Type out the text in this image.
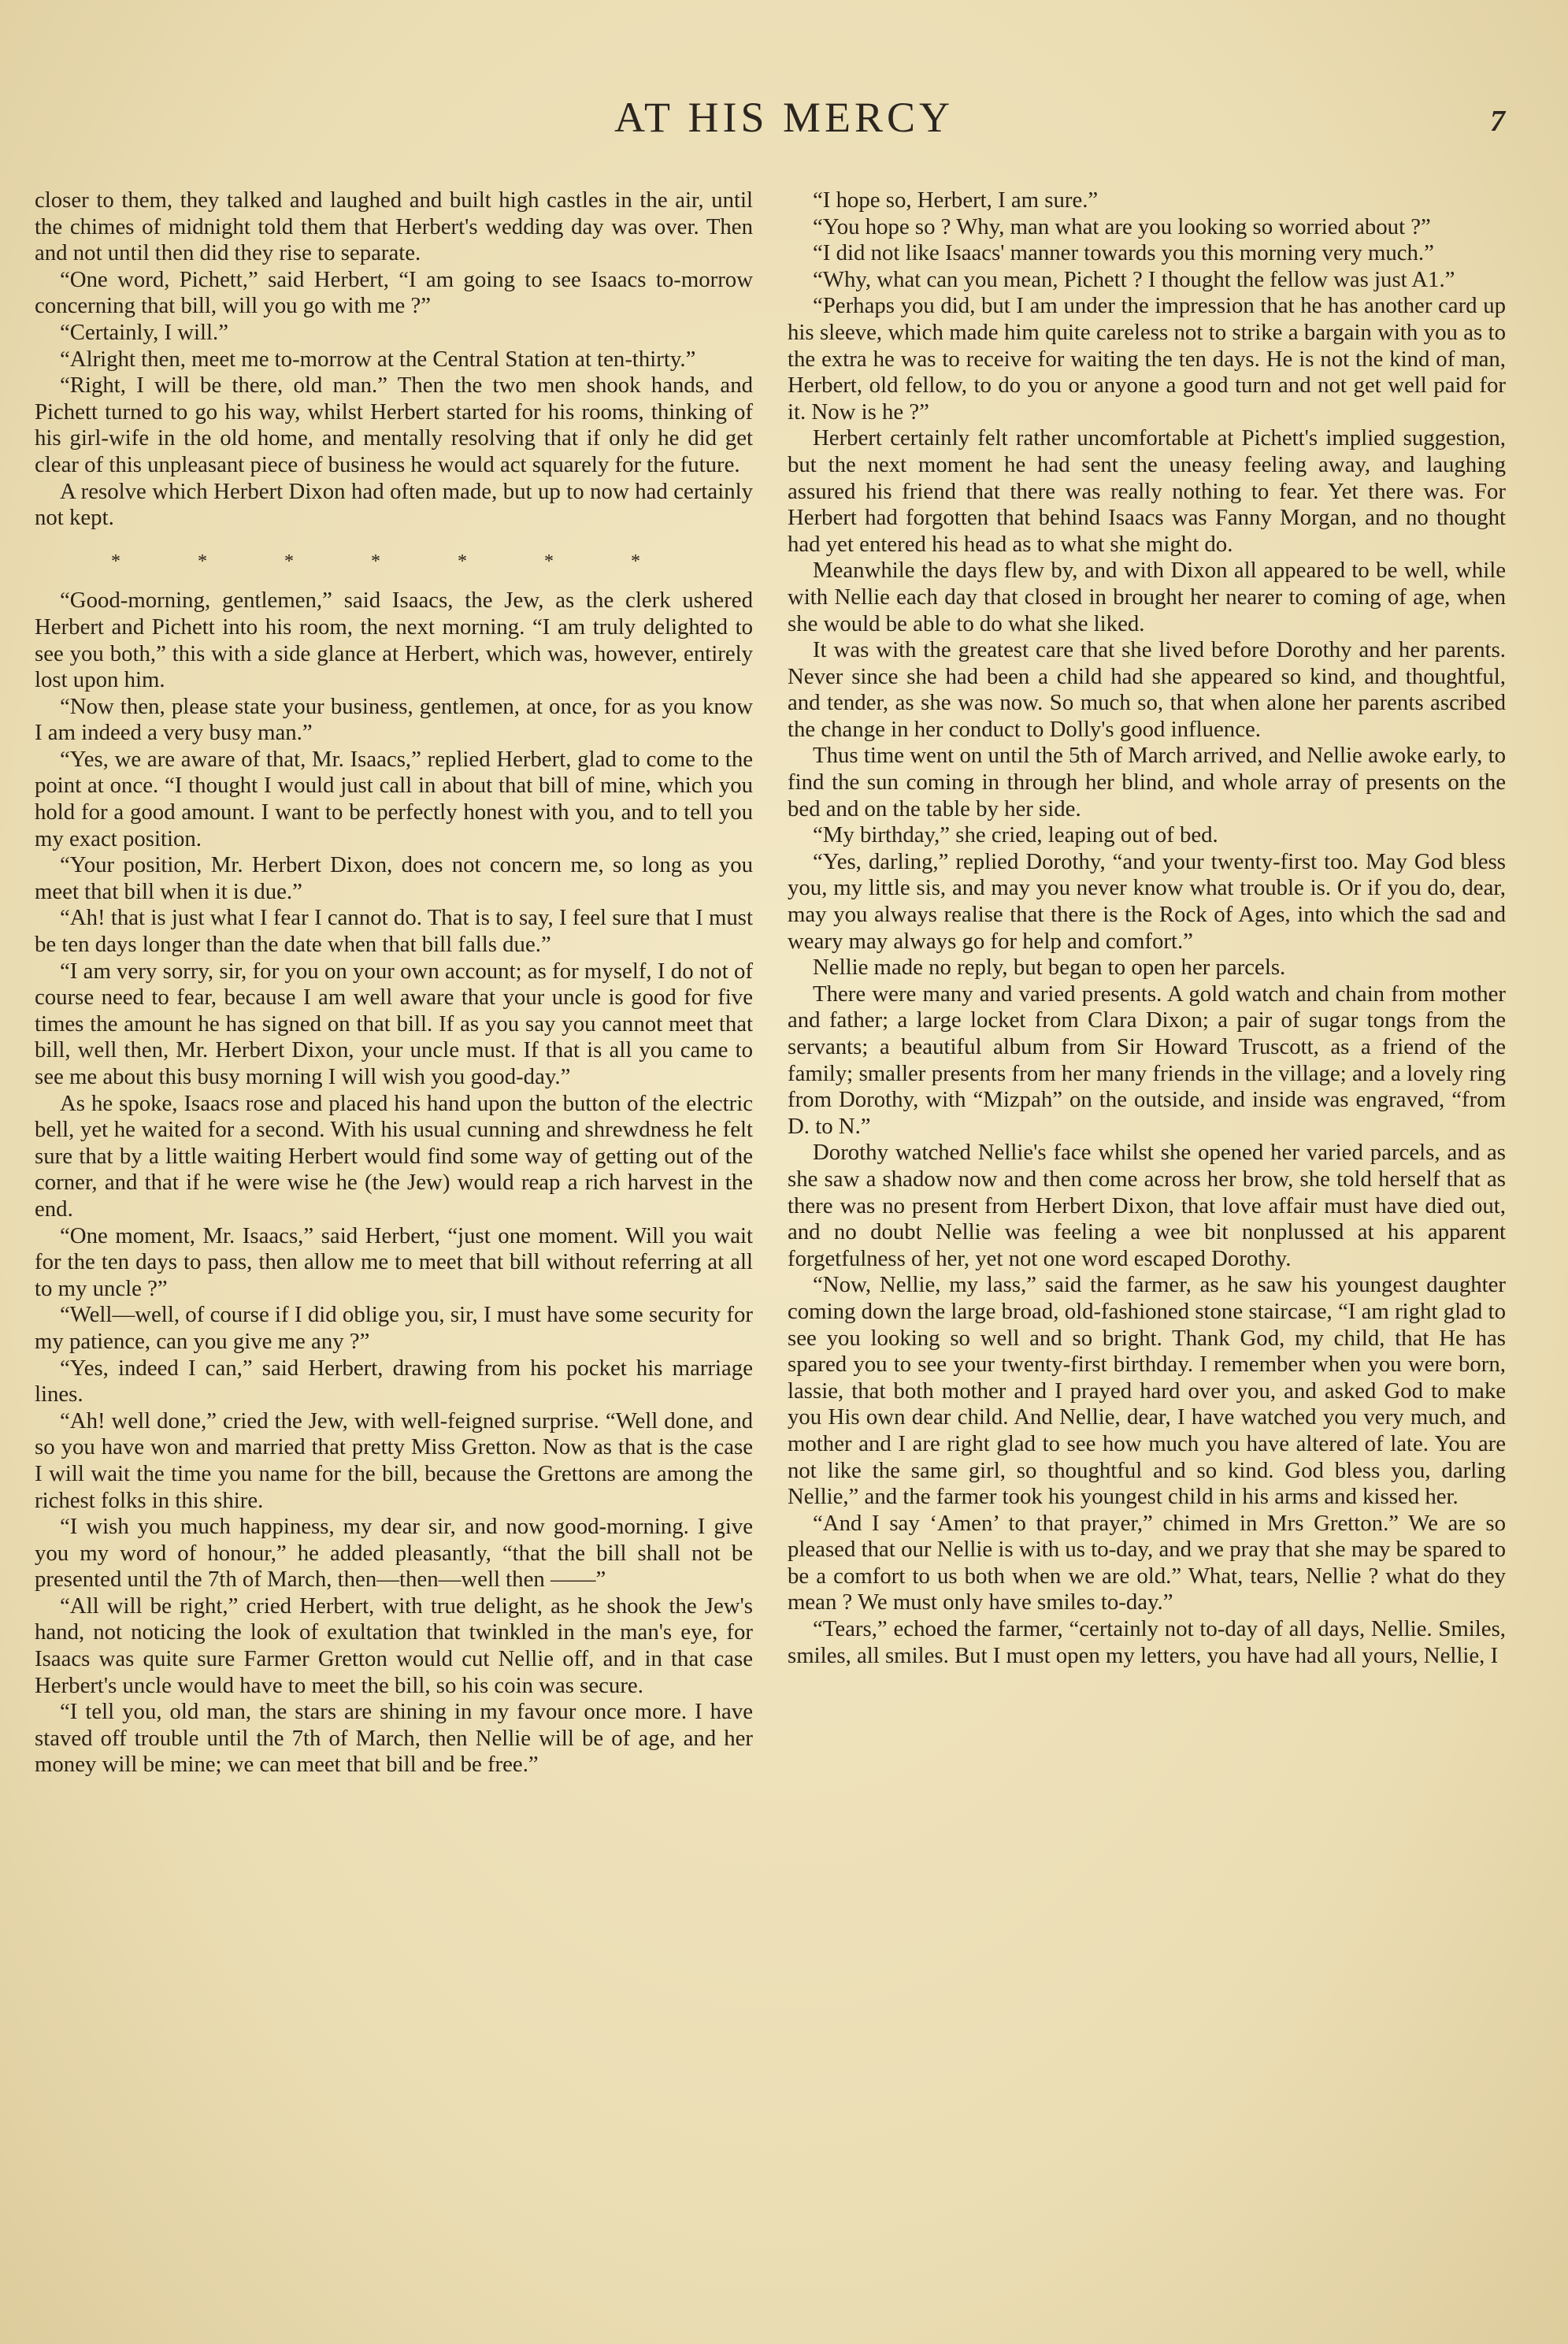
AT HIS MERCY	7

closer to them, they talked and laughed and built high castles in the air, until the chimes of midnight told them that Herbert's wedding day was over. Then and not until then did they rise to separate.

“One word, Pichett,” said Herbert, “I am going to see Isaacs to-morrow concerning that bill, will you go with me ?”

“Certainly, I will.”

“Alright then, meet me to-morrow at the Central Station at ten-thirty.”

“Right, I will be there, old man.” Then the two men shook hands, and Pichett turned to go his way, whilst Herbert started for his rooms, thinking of his girl-wife in the old home, and mentally resolving that if only he did get clear of this unpleasant piece of business he would act squarely for the future.

A resolve which Herbert Dixon had often made, but up to now had certainly not kept.

* * * * * * *

“Good-morning, gentlemen,” said Isaacs, the Jew, as the clerk ushered Herbert and Pichett into his room, the next morning. “I am truly delighted to see you both,” this with a side glance at Herbert, which was, however, entirely lost upon him.

“Now then, please state your business, gentlemen, at once, for as you know I am indeed a very busy man.”

“Yes, we are aware of that, Mr. Isaacs,” replied Herbert, glad to come to the point at once. “I thought I would just call in about that bill of mine, which you hold for a good amount. I want to be perfectly honest with you, and to tell you my exact position.

“Your position, Mr. Herbert Dixon, does not concern me, so long as you meet that bill when it is due.”

“Ah! that is just what I fear I cannot do. That is to say, I feel sure that I must be ten days longer than the date when that bill falls due.”

“I am very sorry, sir, for you on your own account; as for myself, I do not of course need to fear, because I am well aware that your uncle is good for five times the amount he has signed on that bill. If as you say you cannot meet that bill, well then, Mr. Herbert Dixon, your uncle must. If that is all you came to see me about this busy morning I will wish you good-day.”

As he spoke, Isaacs rose and placed his hand upon the button of the electric bell, yet he waited for a second. With his usual cunning and shrewdness he felt sure that by a little waiting Herbert would find some way of getting out of the corner, and that if he were wise he (the Jew) would reap a rich harvest in the end.

“One moment, Mr. Isaacs,” said Herbert, “just one moment. Will you wait for the ten days to pass, then allow me to meet that bill without referring at all to my uncle ?”

“Well—well, of course if I did oblige you, sir, I must have some security for my patience, can you give me any ?”

“Yes, indeed I can,” said Herbert, drawing from his pocket his marriage lines.

“Ah! well done,” cried the Jew, with well-feigned surprise. “Well done, and so you have won and married that pretty Miss Gretton. Now as that is the case I will wait the time you name for the bill, because the Grettons are among the richest folks in this shire.

“I wish you much happiness, my dear sir, and now good-morning. I give you my word of honour,” he added pleasantly, “that the bill shall not be presented until the 7th of March, then—then—well then ——”

“All will be right,” cried Herbert, with true delight, as he shook the Jew's hand, not noticing the look of exultation that twinkled in the man's eye, for Isaacs was quite sure Farmer Gretton would cut Nellie off, and in that case Herbert's uncle would have to meet the bill, so his coin was secure.

“I tell you, old man, the stars are shining in my favour once more. I have staved off trouble until the 7th of March, then Nellie will be of age, and her money will be mine; we can meet that bill and be free.”

“I hope so, Herbert, I am sure.”

“You hope so ? Why, man what are you looking so worried about ?”

“I did not like Isaacs' manner towards you this morning very much.”

“Why, what can you mean, Pichett ? I thought the fellow was just A1.”

“Perhaps you did, but I am under the impression that he has another card up his sleeve, which made him quite careless not to strike a bargain with you as to the extra he was to receive for waiting the ten days. He is not the kind of man, Herbert, old fellow, to do you or anyone a good turn and not get well paid for it. Now is he ?”

Herbert certainly felt rather uncomfortable at Pichett's implied suggestion, but the next moment he had sent the uneasy feeling away, and laughing assured his friend that there was really nothing to fear. Yet there was. For Herbert had forgotten that behind Isaacs was Fanny Morgan, and no thought had yet entered his head as to what she might do.

Meanwhile the days flew by, and with Dixon all appeared to be well, while with Nellie each day that closed in brought her nearer to coming of age, when she would be able to do what she liked.

It was with the greatest care that she lived before Dorothy and her parents. Never since she had been a child had she appeared so kind, and thoughtful, and tender, as she was now. So much so, that when alone her parents ascribed the change in her conduct to Dolly's good influence.

Thus time went on until the 5th of March arrived, and Nellie awoke early, to find the sun coming in through her blind, and whole array of presents on the bed and on the table by her side.

“My birthday,” she cried, leaping out of bed.

“Yes, darling,” replied Dorothy, “and your twenty-first too. May God bless you, my little sis, and may you never know what trouble is. Or if you do, dear, may you always realise that there is the Rock of Ages, into which the sad and weary may always go for help and comfort.”

Nellie made no reply, but began to open her parcels.

There were many and varied presents. A gold watch and chain from mother and father; a large locket from Clara Dixon; a pair of sugar tongs from the servants; a beautiful album from Sir Howard Truscott, as a friend of the family; smaller presents from her many friends in the village; and a lovely ring from Dorothy, with “Mizpah” on the outside, and inside was engraved, “from D. to N.”

Dorothy watched Nellie's face whilst she opened her varied parcels, and as she saw a shadow now and then come across her brow, she told herself that as there was no present from Herbert Dixon, that love affair must have died out, and no doubt Nellie was feeling a wee bit nonplussed at his apparent forgetfulness of her, yet not one word escaped Dorothy.

“Now, Nellie, my lass,” said the farmer, as he saw his youngest daughter coming down the large broad, old-fashioned stone staircase, “I am right glad to see you looking so well and so bright. Thank God, my child, that He has spared you to see your twenty-first birthday. I remember when you were born, lassie, that both mother and I prayed hard over you, and asked God to make you His own dear child. And Nellie, dear, I have watched you very much, and mother and I are right glad to see how much you have altered of late. You are not like the same girl, so thoughtful and so kind. God bless you, darling Nellie,” and the farmer took his youngest child in his arms and kissed her.

“And I say ‘Amen’ to that prayer,” chimed in Mrs Gretton.” We are so pleased that our Nellie is with us to-day, and we pray that she may be spared to be a comfort to us both when we are old.” What, tears, Nellie ? what do they mean ? We must only have smiles to-day.”

“Tears,” echoed the farmer, “certainly not to-day of all days, Nellie. Smiles, smiles, all smiles. But I must open my letters, you have had all yours, Nellie, I
